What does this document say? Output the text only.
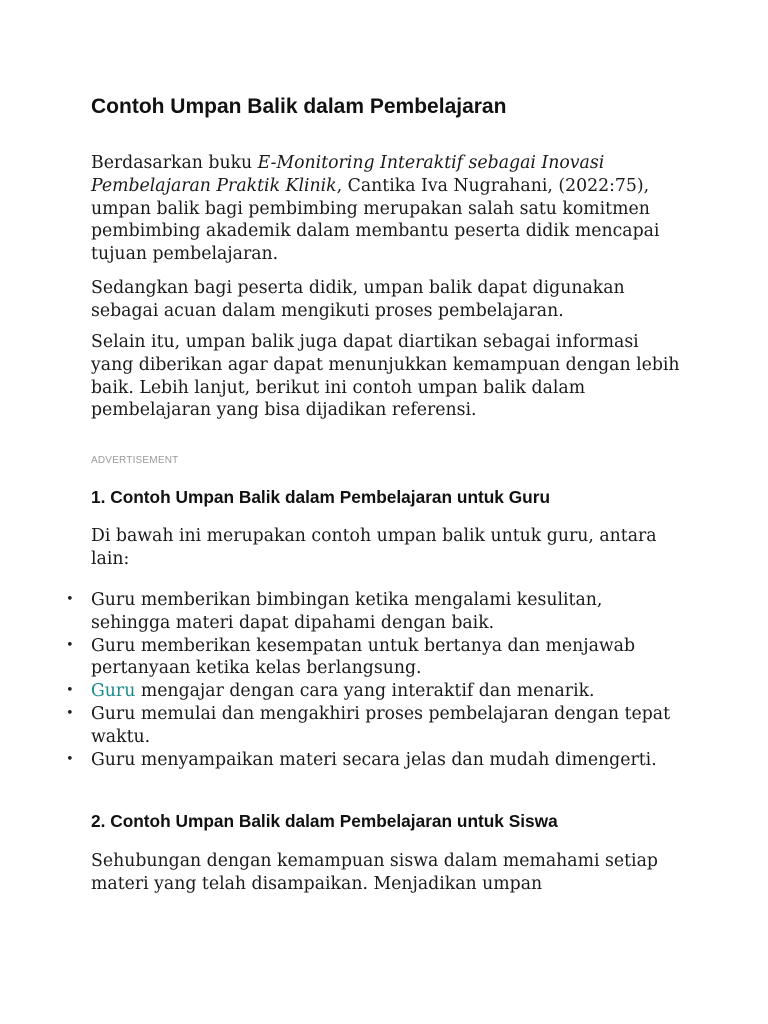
Contoh Umpan Balik dalam Pembelajaran

Berdasarkan buku E-Monitoring Interaktif sebagai Inovasi Pembelajaran Praktik Klinik, Cantika Iva Nugrahani, (2022:75), umpan balik bagi pembimbing merupakan salah satu komitmen pembimbing akademik dalam membantu peserta didik mencapai tujuan pembelajaran.

Sedangkan bagi peserta didik, umpan balik dapat digunakan sebagai acuan dalam mengikuti proses pembelajaran.

Selain itu, umpan balik juga dapat diartikan sebagai informasi yang diberikan agar dapat menunjukkan kemampuan dengan lebih baik. Lebih lanjut, berikut ini contoh umpan balik dalam pembelajaran yang bisa dijadikan referensi.

ADVERTISEMENT
1. Contoh Umpan Balik dalam Pembelajaran untuk Guru

Di bawah ini merupakan contoh umpan balik untuk guru, antara lain:

• Guru memberikan bimbingan ketika mengalami kesulitan, sehingga materi dapat dipahami dengan baik.
• Guru memberikan kesempatan untuk bertanya dan menjawab pertanyaan ketika kelas berlangsung.
• Guru mengajar dengan cara yang interaktif dan menarik.
• Guru memulai dan mengakhiri proses pembelajaran dengan tepat waktu.
• Guru menyampaikan materi secara jelas dan mudah dimengerti.
2. Contoh Umpan Balik dalam Pembelajaran untuk Siswa

Sehubungan dengan kemampuan siswa dalam memahami setiap materi yang telah disampaikan. Menjadikan umpan
